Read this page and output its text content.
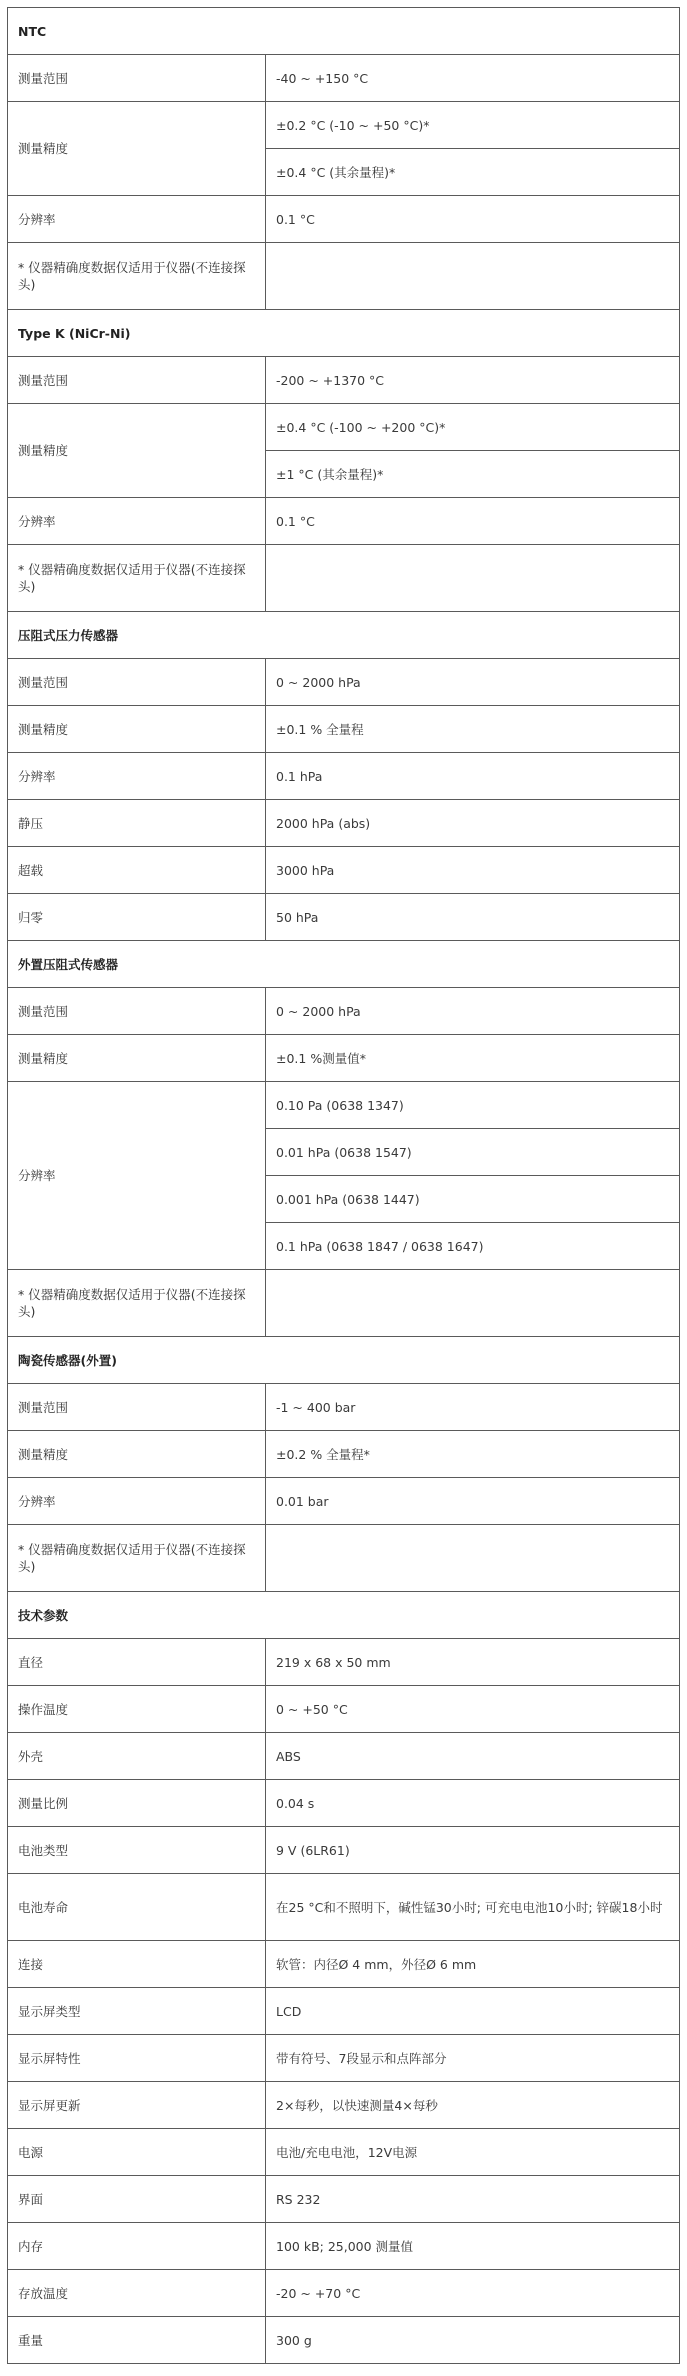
NTC	
测量范围	-40 ~ +150 °C
测量精度	±0.2 °C (-10 ~ +50 °C)*
	±0.4 °C (其余量程)*
分辨率	0.1 °C
* 仪器精确度数据仅适用于仪器(不连接探头)	
Type K (NiCr-Ni)	
测量范围	-200 ~ +1370 °C
测量精度	±0.4 °C (-100 ~ +200 °C)*
	±1 °C (其余量程)*
分辨率	0.1 °C
* 仪器精确度数据仅适用于仪器(不连接探头)	
压阻式压力传感器	
测量范围	0 ~ 2000 hPa
测量精度	±0.1 % 全量程
分辨率	0.1 hPa
静压	2000 hPa (abs)
超载	3000 hPa
归零	50 hPa
外置压阻式传感器	
测量范围	0 ~ 2000 hPa
测量精度	±0.1 %测量值*
分辨率	0.10 Pa (0638 1347)
	0.01 hPa (0638 1547)
	0.001 hPa (0638 1447)
	0.1 hPa (0638 1847 / 0638 1647)
* 仪器精确度数据仅适用于仪器(不连接探头)	
陶瓷传感器(外置)	
测量范围	-1 ~ 400 bar
测量精度	±0.2 % 全量程*
分辨率	0.01 bar
* 仪器精确度数据仅适用于仪器(不连接探头)	
技术参数	
直径	219 x 68 x 50 mm
操作温度	0 ~ +50 °C
外壳	ABS
测量比例	0.04 s
电池类型	9 V (6LR61)
电池寿命	在25 °C和不照明下，碱性锰30小时; 可充电电池10小时; 锌碳18小时
连接	软管：内径Ø 4 mm，外径Ø 6 mm
显示屏类型	LCD
显示屏特性	带有符号、7段显示和点阵部分
显示屏更新	2×每秒，以快速测量4×每秒
电源	电池/充电电池，12V电源
界面	RS 232
内存	100 kB; 25,000 测量值
存放温度	-20 ~ +70 °C
重量	300 g
